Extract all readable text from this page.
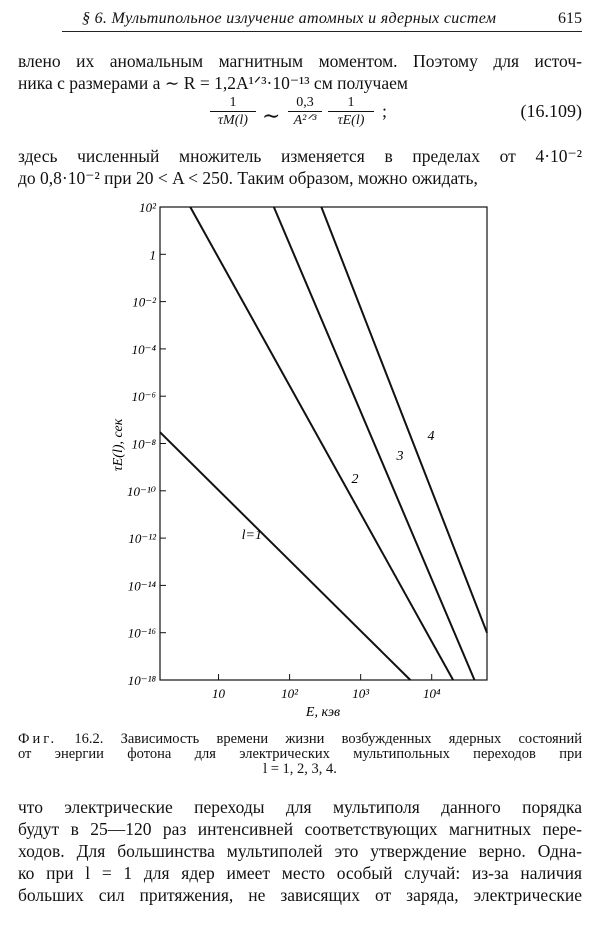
§ 6. Мультипольное излучение атомных и ядерных систем	615

влено их аномальным магнитным моментом. Поэтому для источ-

ника с размерами a ∼ R = 1,2A¹ᐟ³·10⁻¹³ см получаем

1
τM(l) ∼
0,3
A²ᐟ³
1
τE(l) ;	(16.109)

здесь численный множитель изменяется в пределах от 4·10⁻²

до 0,8·10⁻² при 20 < A < 250. Таким образом, можно ожидать,

10²
1
10⁻²
10⁻⁴
10⁻⁶
10⁻⁸
10⁻¹⁰
10⁻¹²
10⁻¹⁴
10⁻¹⁶
10⁻¹⁸
10	10²	10³	10⁴
τE(l), сек
E, кэв
l=1
2
3
4

Фиг. 16.2. Зависимость времени жизни возбужденных ядерных состояний

от энергии фотона для электрических мультипольных переходов при

l = 1, 2, 3, 4.

что электрические переходы для мультиполя данного порядка

будут в 25—120 раз интенсивней соответствующих магнитных пере-

ходов. Для большинства мультиполей это утверждение верно. Одна-

ко при l = 1 для ядер имеет место особый случай: из-за наличия

больших сил притяжения, не зависящих от заряда, электрические
